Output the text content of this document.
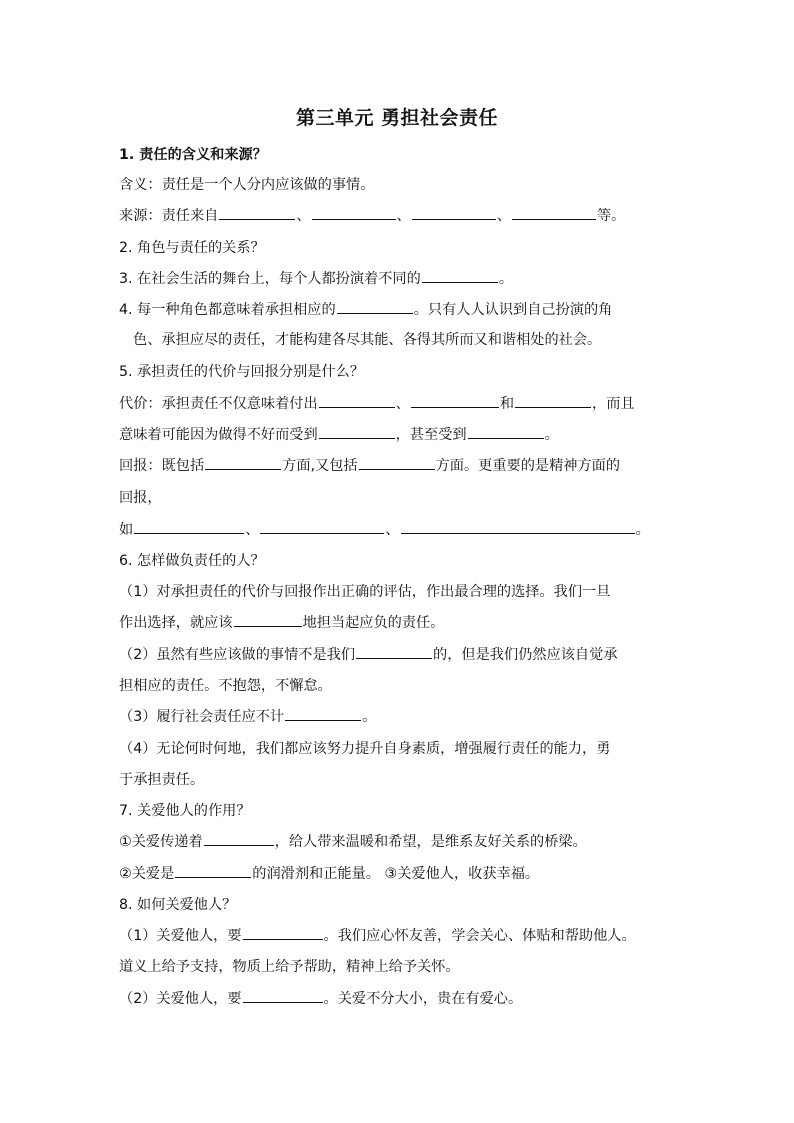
第三单元 勇担社会责任
1. 责任的含义和来源？
含义：责任是一个人分内应该做的事情。
来源：责任来自	、	、	、	等。
2. 角色与责任的关系？
3. 在社会生活的舞台上，每个人都扮演着不同的	。
4. 每一种角色都意味着承担相应的	。只有人人认识到自己扮演的角
色、承担应尽的责任，才能构建各尽其能、各得其所而又和谐相处的社会。
5. 承担责任的代价与回报分别是什么？
代价：承担责任不仅意味着付出	、	和	，而且
意味着可能因为做得不好而受到	，甚至受到	。
回报：既包括	方面,又包括	方面。更重要的是精神方面的
回报，
如	、	、	。
6. 怎样做负责任的人？
（1）对承担责任的代价与回报作出正确的评估，作出最合理的选择。我们一旦
作出选择，就应该	地担当起应负的责任。
（2）虽然有些应该做的事情不是我们	的，但是我们仍然应该自觉承
担相应的责任。不抱怨，不懈怠。
（3）履行社会责任应不计	。
（4）无论何时何地，我们都应该努力提升自身素质，增强履行责任的能力，勇
于承担责任。
7. 关爱他人的作用？
①关爱传递着	，给人带来温暖和希望，是维系友好关系的桥梁。
②关爱是	的润滑剂和正能量。 ③关爱他人，收获幸福。
8. 如何关爱他人？
（1）关爱他人，要	。我们应心怀友善，学会关心、体贴和帮助他人。
道义上给予支持，物质上给予帮助，精神上给予关怀。
（2）关爱他人，要	。关爱不分大小，贵在有爱心。
